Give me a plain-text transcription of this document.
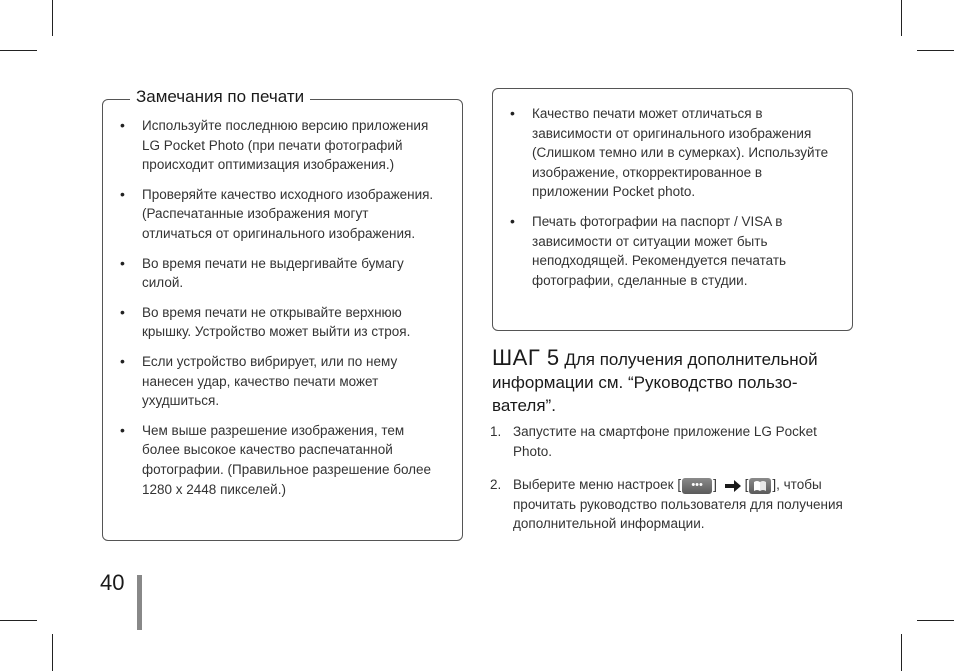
Замечания по печати
• Используйте последнюю версию приложения LG Pocket Photo (при печати фотографий происходит оптимизация изображения.)
• Проверяйте качество исходного изображения. (Распечатанные изображения могут отличаться от оригинального изображения.
• Во время печати не выдергивайте бумагу силой.
• Во время печати не открывайте верхнюю крышку. Устройство может выйти из строя.
• Если устройство вибрирует, или по нему нанесен удар, качество печати может ухудшиться.
• Чем выше разрешение изображения, тем более высокое качество распечатанной фотографии. (Правильное разрешение более 1280 x 2448 пикселей.)
• Качество печати может отличаться в зависимости от оригинального изображения (Слишком темно или в сумерках). Используйте изображение, откорректированное в приложении Pocket photo.
• Печать фотографии на паспорт / VISA в зависимости от ситуации может быть неподходящей. Рекомендуется печатать фотографии, сделанные в студии.
ШАГ 5 Для получения дополнительной информации см. “Руководство пользо-вателя”.
1. Запустите на смартфоне приложение LG Pocket Photo.
2. Выберите меню настроек [ ••• ] [ ], чтобы прочитать руководство пользователя для получения дополнительной информации.
40
